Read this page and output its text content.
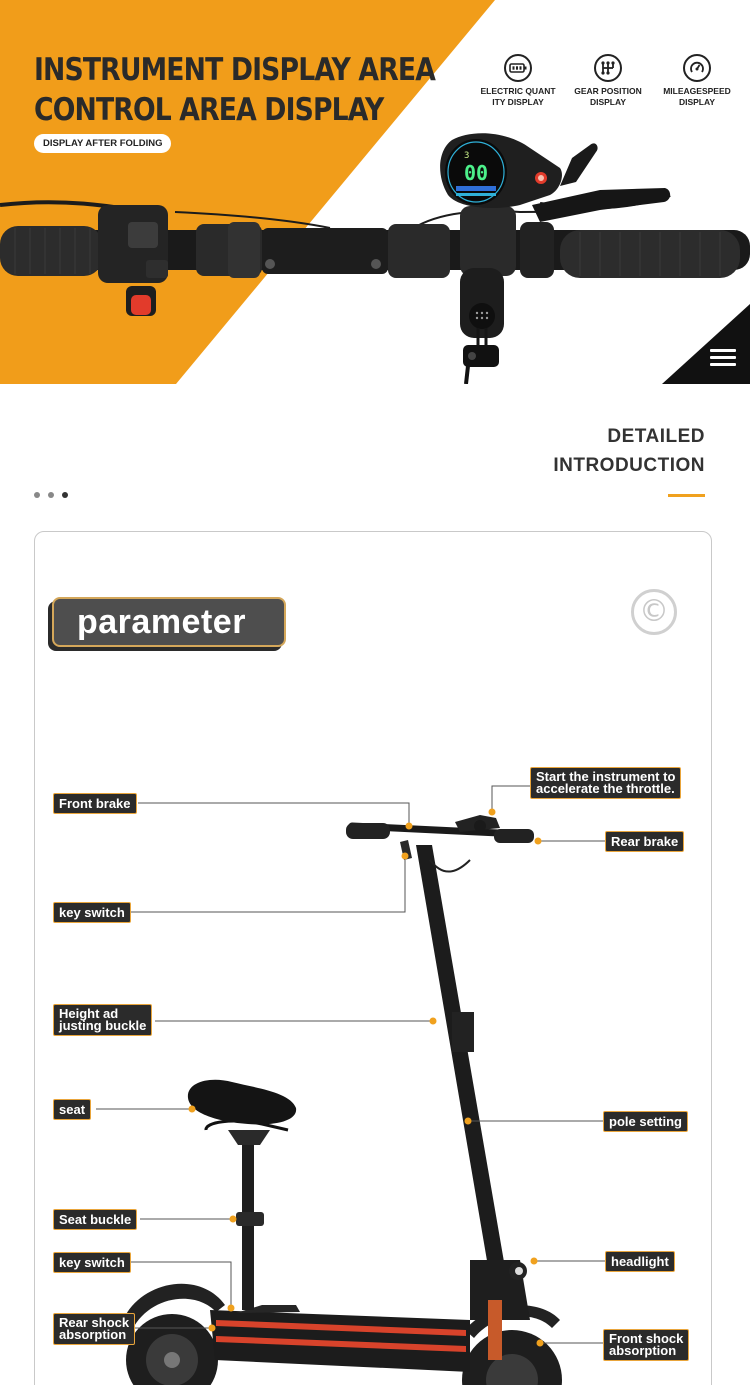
INSTRUMENT DISPLAY AREA
CONTROL AREA DISPLAY
DISPLAY AFTER FOLDING
ELECTRIC QUANT
ITY DISPLAY
GEAR POSITION
DISPLAY
MILEAGESPEED
DISPLAY
3
00
DETAILED
INTRODUCTION
parameter	©
Front brake
key switch
Height ad
justing buckle
seat
Seat buckle
key switch
Rear shock
absorption
Start the instrument to
accelerate the throttle.
Rear brake
pole setting
headlight
Front shock
absorption
